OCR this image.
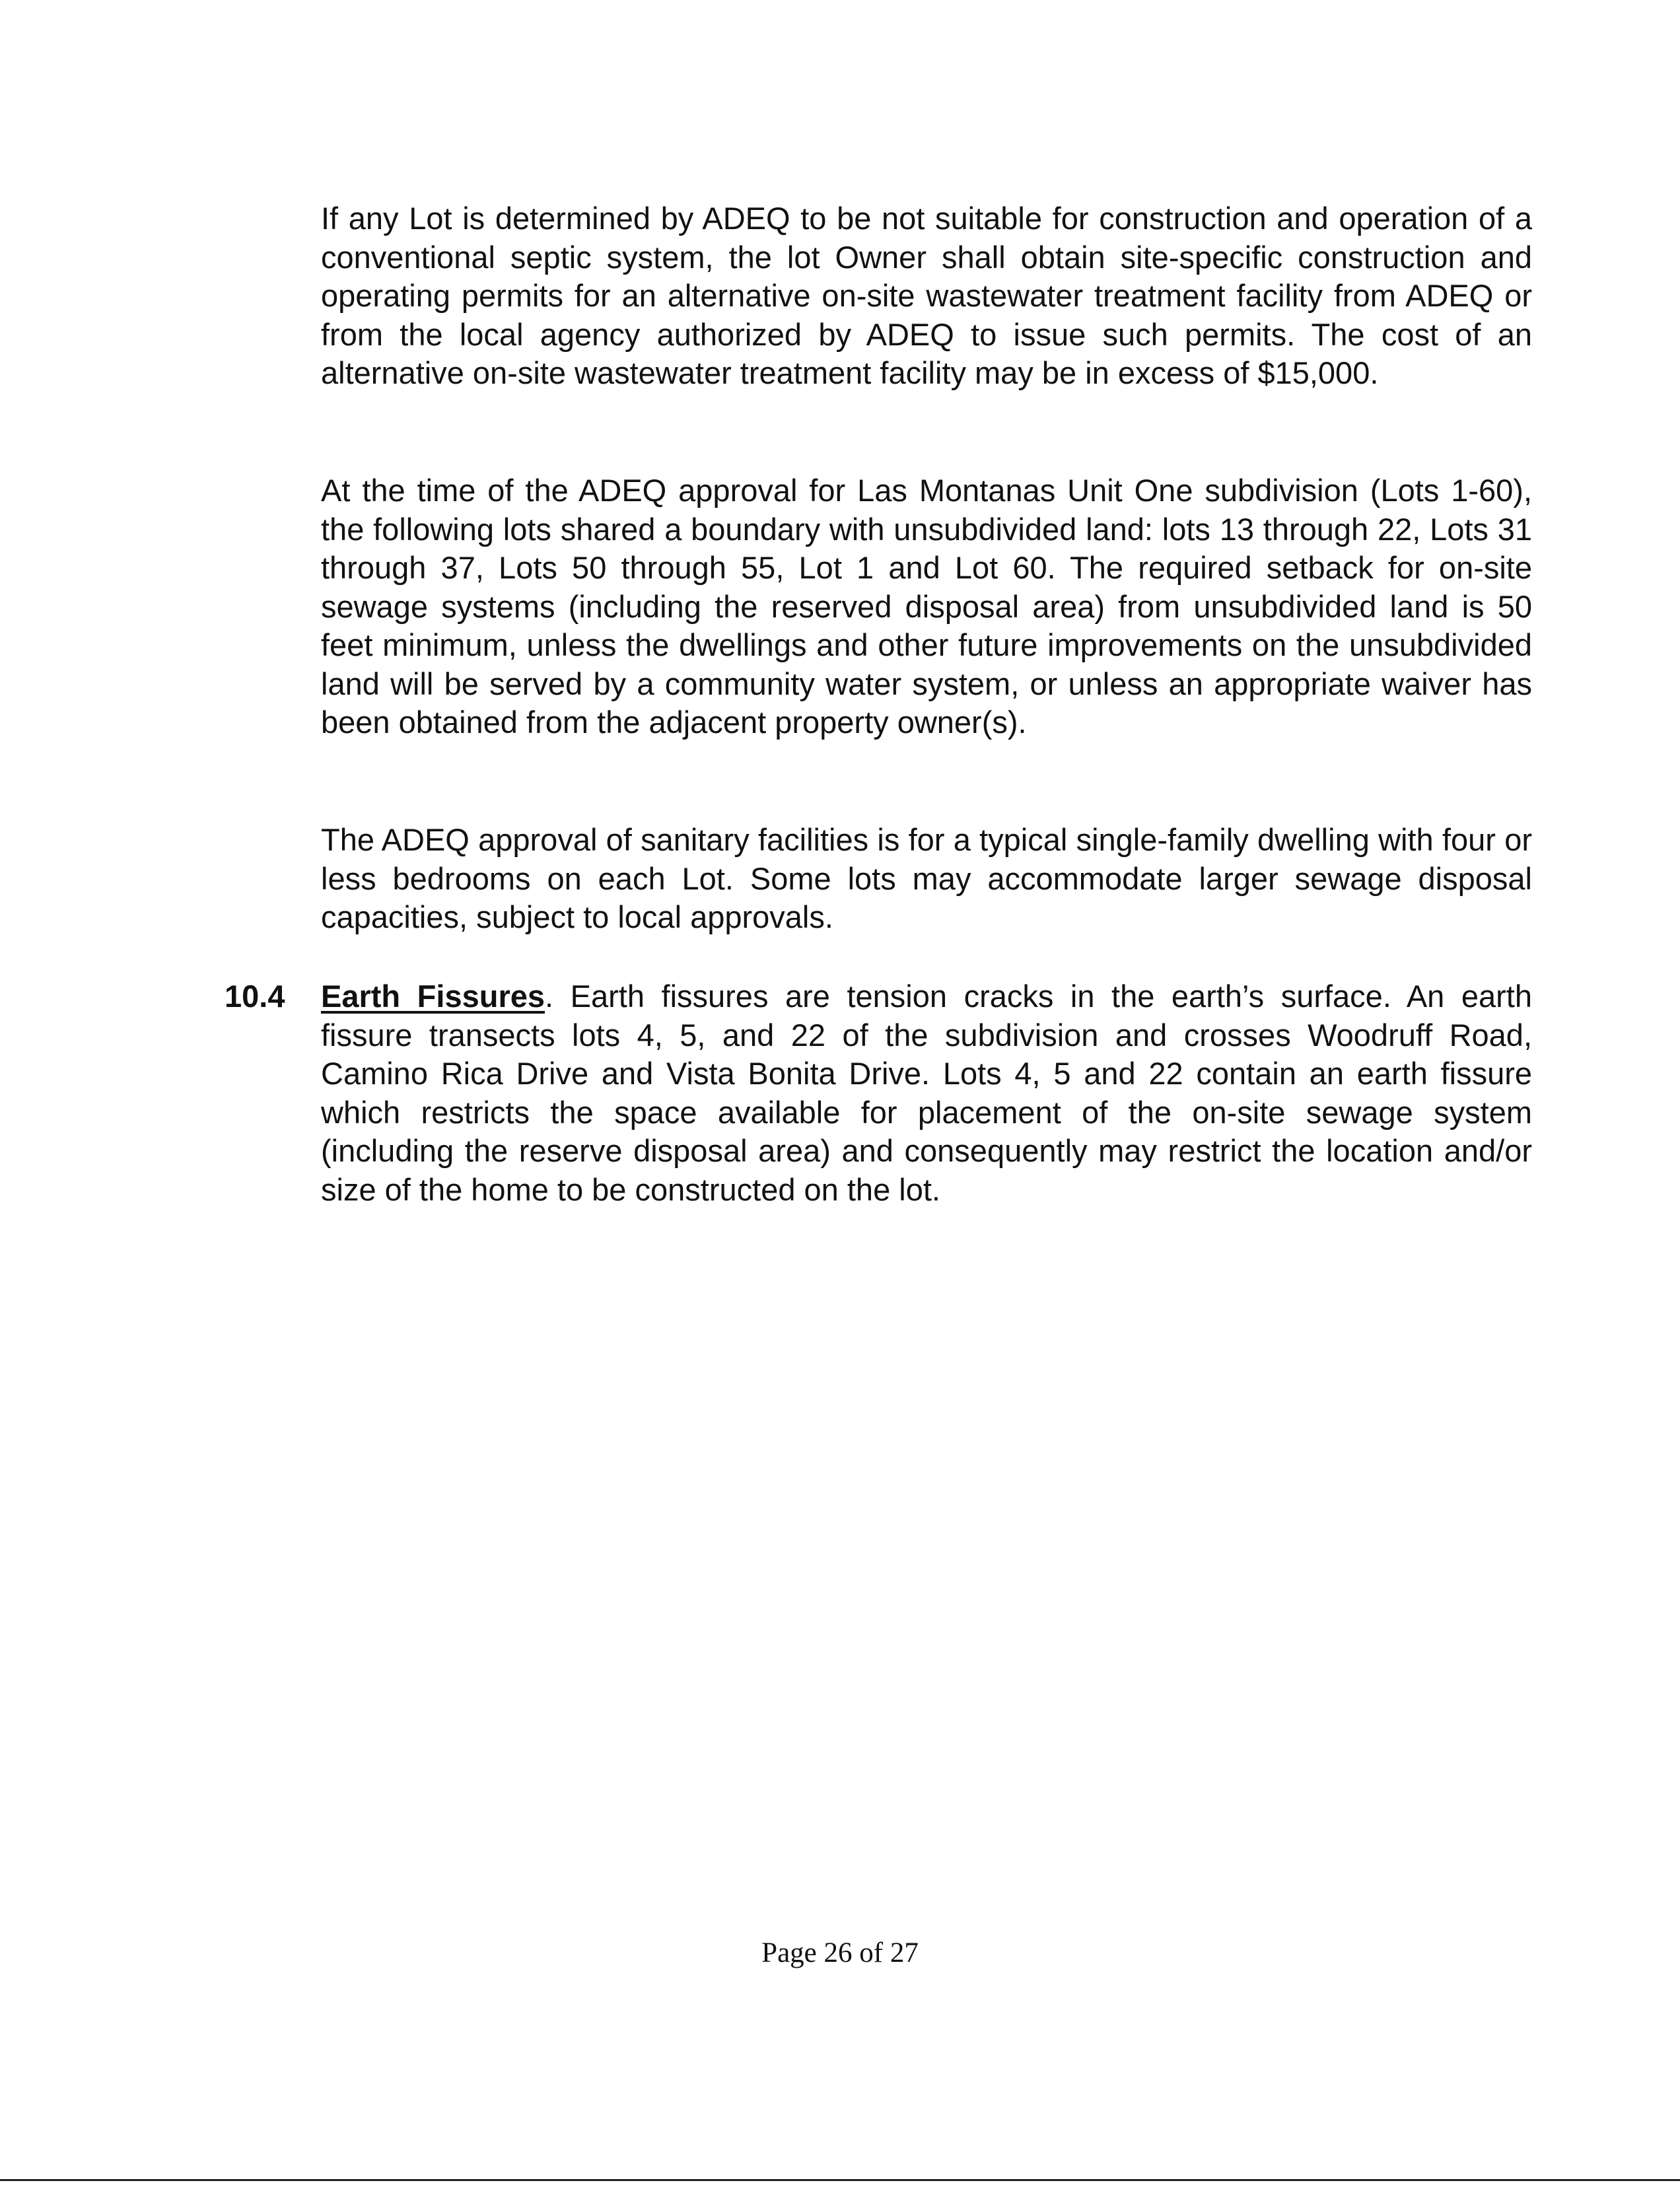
If any Lot is determined by ADEQ to be not suitable for construction and operation of a conventional septic system, the lot Owner shall obtain site-specific construction and operating permits for an alternative on-site wastewater treatment facility from ADEQ or from the local agency authorized by ADEQ to issue such permits. The cost of an alternative on-site wastewater treatment facility may be in excess of $15,000.

At the time of the ADEQ approval for Las Montanas Unit One subdivision (Lots 1-60), the following lots shared a boundary with unsubdivided land: lots 13 through 22, Lots 31 through 37, Lots 50 through 55, Lot 1 and Lot 60. The required setback for on-site sewage systems (including the reserved disposal area) from unsubdivided land is 50 feet minimum, unless the dwellings and other future improvements on the unsubdivided land will be served by a community water system, or unless an appropriate waiver has been obtained from the adjacent property owner(s).

The ADEQ approval of sanitary facilities is for a typical single-family dwelling with four or less bedrooms on each Lot. Some lots may accommodate larger sewage disposal capacities, subject to local approvals.

10.4 Earth Fissures. Earth fissures are tension cracks in the earth’s surface. An earth fissure transects lots 4, 5, and 22 of the subdivision and crosses Woodruff Road, Camino Rica Drive and Vista Bonita Drive. Lots 4, 5 and 22 contain an earth fissure which restricts the space available for placement of the on-site sewage system (including the reserve disposal area) and consequently may restrict the location and/or size of the home to be constructed on the lot.

Page 26 of 27
